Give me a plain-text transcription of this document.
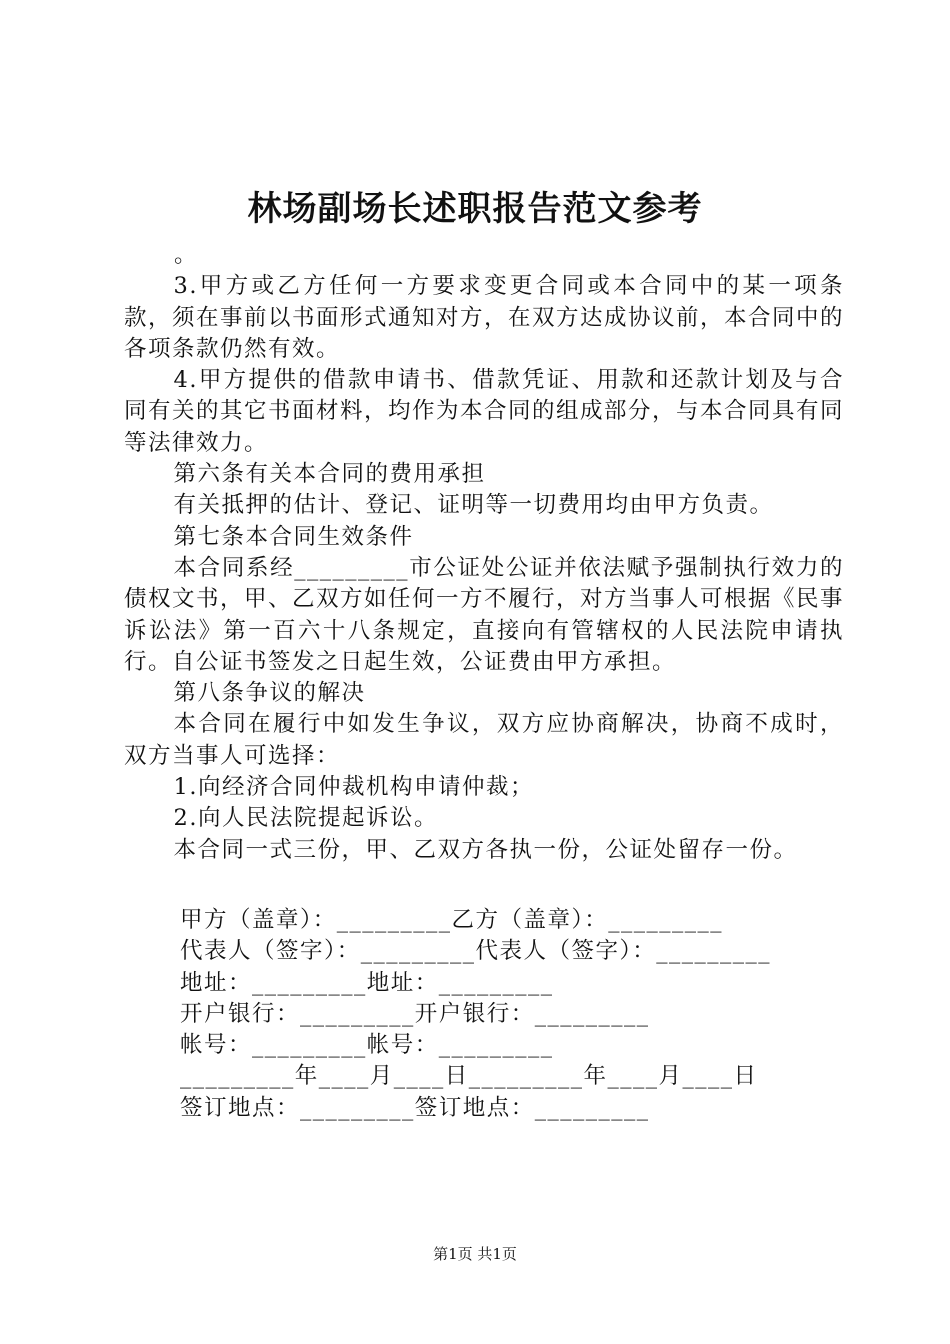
林场副场长述职报告范文参考
。

3.甲方或乙方任何一方要求变更合同或本合同中的某一项条款，须在事前以书面形式通知对方，在双方达成协议前，本合同中的各项条款仍然有效。

4.甲方提供的借款申请书、借款凭证、用款和还款计划及与合同有关的其它书面材料，均作为本合同的组成部分，与本合同具有同等法律效力。

第六条有关本合同的费用承担

有关抵押的估计、登记、证明等一切费用均由甲方负责。

第七条本合同生效条件

本合同系经_________市公证处公证并依法赋予强制执行效力的债权文书，甲、乙双方如任何一方不履行，对方当事人可根据《民事诉讼法》第一百六十八条规定，直接向有管辖权的人民法院申请执行。自公证书签发之日起生效，公证费由甲方承担。

第八条争议的解决

本合同在履行中如发生争议，双方应协商解决，协商不成时，双方当事人可选择：

1.向经济合同仲裁机构申请仲裁；

2.向人民法院提起诉讼。

本合同一式三份，甲、乙双方各执一份，公证处留存一份。

甲方（盖章）：_________乙方（盖章）：_________
代表人（签字）：_________代表人（签字）：_________
地址：_________地址：_________
开户银行：_________开户银行：_________
帐号：_________帐号：_________
_________年____月____日_________年____月____日
签订地点：_________签订地点：_________
第1页 共1页
